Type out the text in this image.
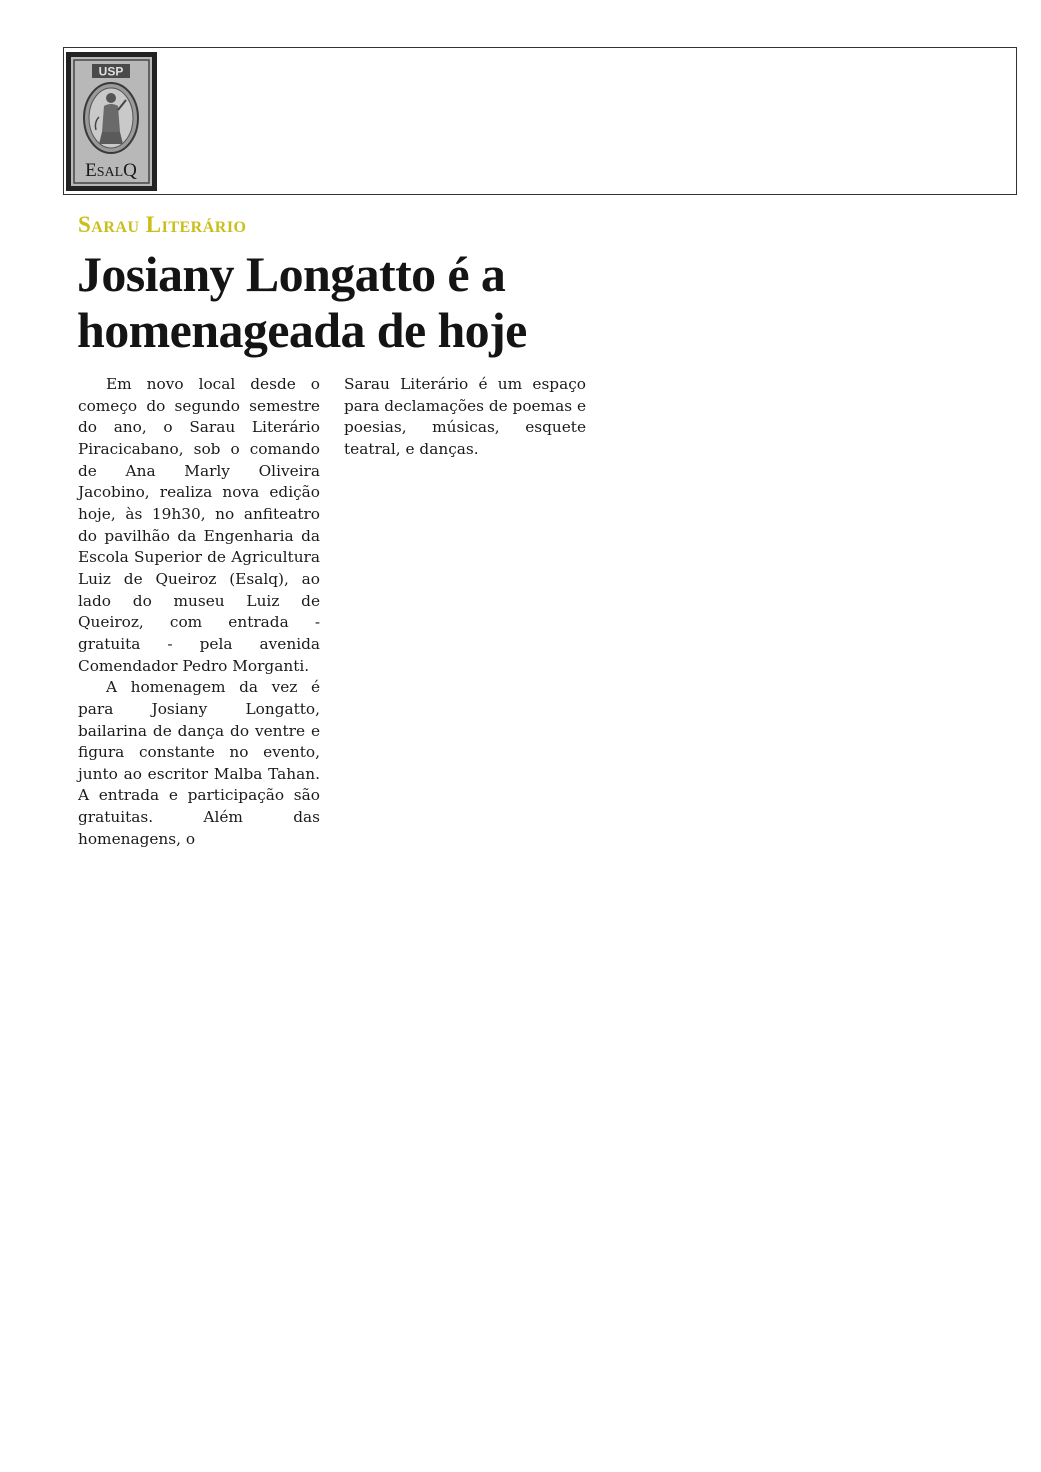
USP
ESALQ
Sarau Literário
Josiany Longatto é a homenageada de hoje

Em novo local desde o começo do segundo semestre do ano, o Sarau Literário Piracicabano, sob o comando de Ana Marly Oliveira Jacobino, realiza nova edição hoje, às 19h30, no anfiteatro do pavilhão da Engenharia da Escola Superior de Agricultura Luiz de Queiroz (Esalq), ao lado do museu Luiz de Queiroz, com entrada - gratuita - pela avenida Comendador Pedro Morganti.

A homenagem da vez é para Josiany Longatto, bailarina de dança do ventre e figura constante no evento, junto ao escritor Malba Tahan. A entrada e participação são gratuitas. Além das homenagens, o

Sarau Literário é um espaço para declamações de poemas e poesias, músicas, esquete teatral, e danças.
